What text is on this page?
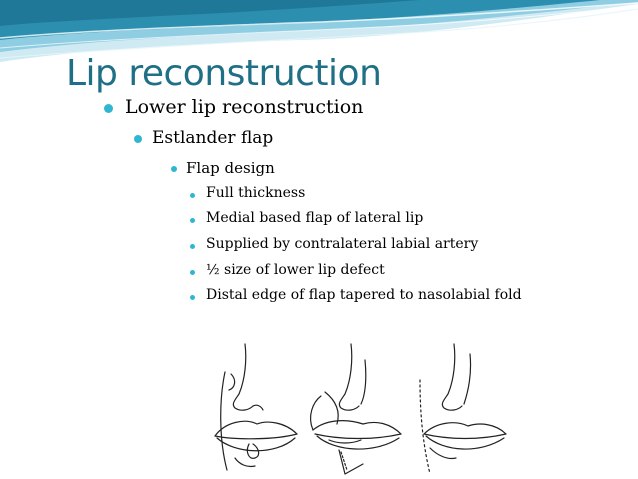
Lip reconstruction
Lower lip reconstruction
Estlander flap
Flap design
Full thickness
Medial based flap of lateral lip
Supplied by contralateral labial artery
½ size of lower lip defect
Distal edge of flap tapered to nasolabial fold
